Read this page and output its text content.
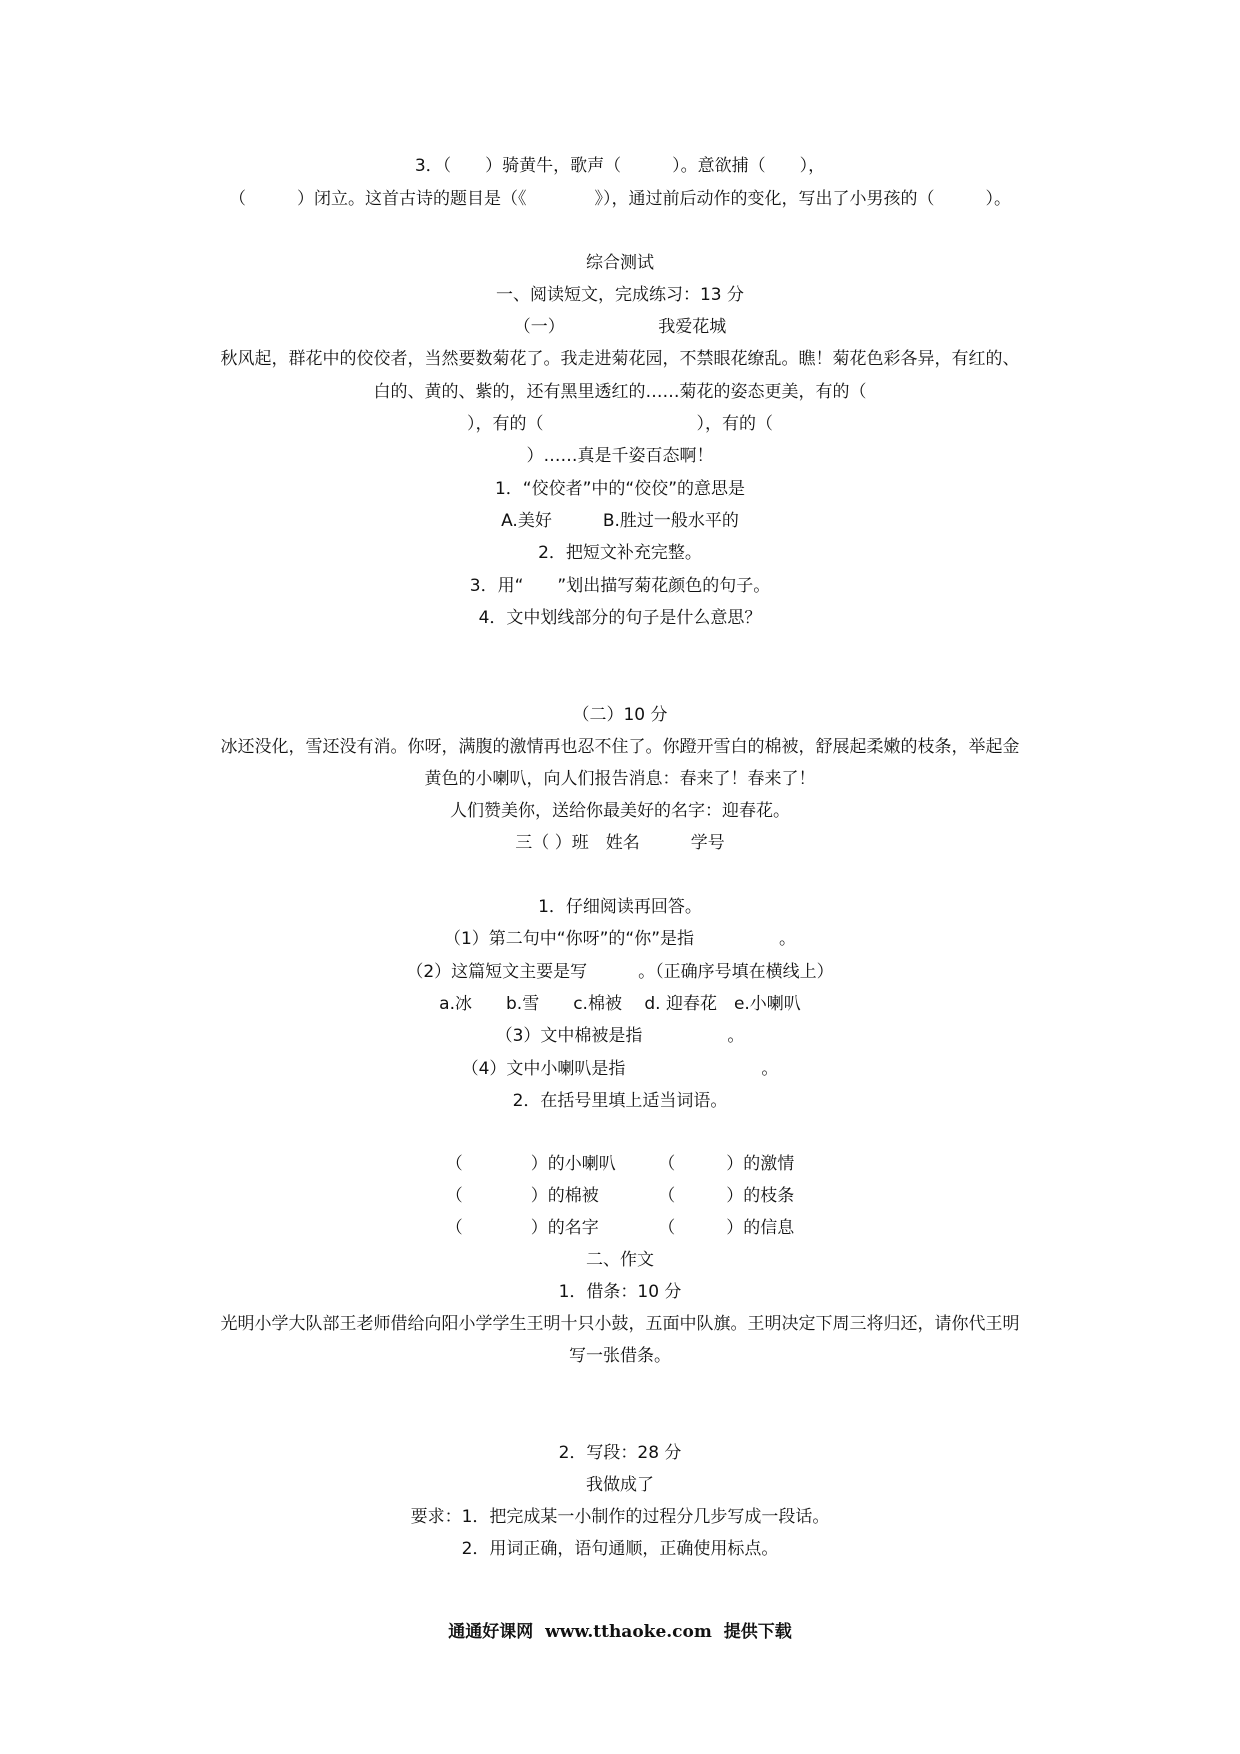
3．（　　）骑黄牛，歌声（　　　）。意欲捕（　　），
（　　　）闭立。这首古诗的题目是（《　　　　》），通过前后动作的变化，写出了小男孩的（　　　）。
综合测试
一、阅读短文，完成练习：13 分
（一）　　　　　　我爱花城
秋风起，群花中的佼佼者，当然要数菊花了。我走进菊花园，不禁眼花缭乱。瞧！菊花色彩各异，有红的、
白的、黄的、紫的，还有黑里透红的……菊花的姿态更美，有的（
），有的（　　　　　　　　　），有的（
）……真是千姿百态啊！
1．“佼佼者”中的“佼佼”的意思是
A.美好　　　B.胜过一般水平的
2．把短文补充完整。
3．用“　　”划出描写菊花颜色的句子。
4．文中划线部分的句子是什么意思？
（二）10 分
冰还没化，雪还没有消。你呀，满腹的激情再也忍不住了。你蹬开雪白的棉被，舒展起柔嫩的枝条，举起金
黄色的小喇叭，向人们报告消息：春来了！春来了！
人们赞美你，送给你最美好的名字：迎春花。
三（ ）班　姓名　　　学号
1．仔细阅读再回答。
（1）第二句中“你呀”的“你”是指　　　　　。
（2）这篇短文主要是写　　　。（正确序号填在横线上）
a.冰　　b.雪　　c.棉被　 d. 迎春花　e.小喇叭
（3）文中棉被是指　　　　　。
（4）文中小喇叭是指　　　　　　　　。
2．在括号里填上适当词语。
（　　　　）的小喇叭　　　（　　　）的激情
（　　　　）的棉被　　　　（　　　）的枝条
（　　　　）的名字　　　　（　　　）的信息
二、作文
1．借条：10 分
光明小学大队部王老师借给向阳小学学生王明十只小鼓，五面中队旗。王明决定下周三将归还，请你代王明
写一张借条。
2．写段：28 分
我做成了
要求：1．把完成某一小制作的过程分几步写成一段话。
2．用词正确，语句通顺，正确使用标点。
通通好课网  www.tthaoke.com  提供下载
